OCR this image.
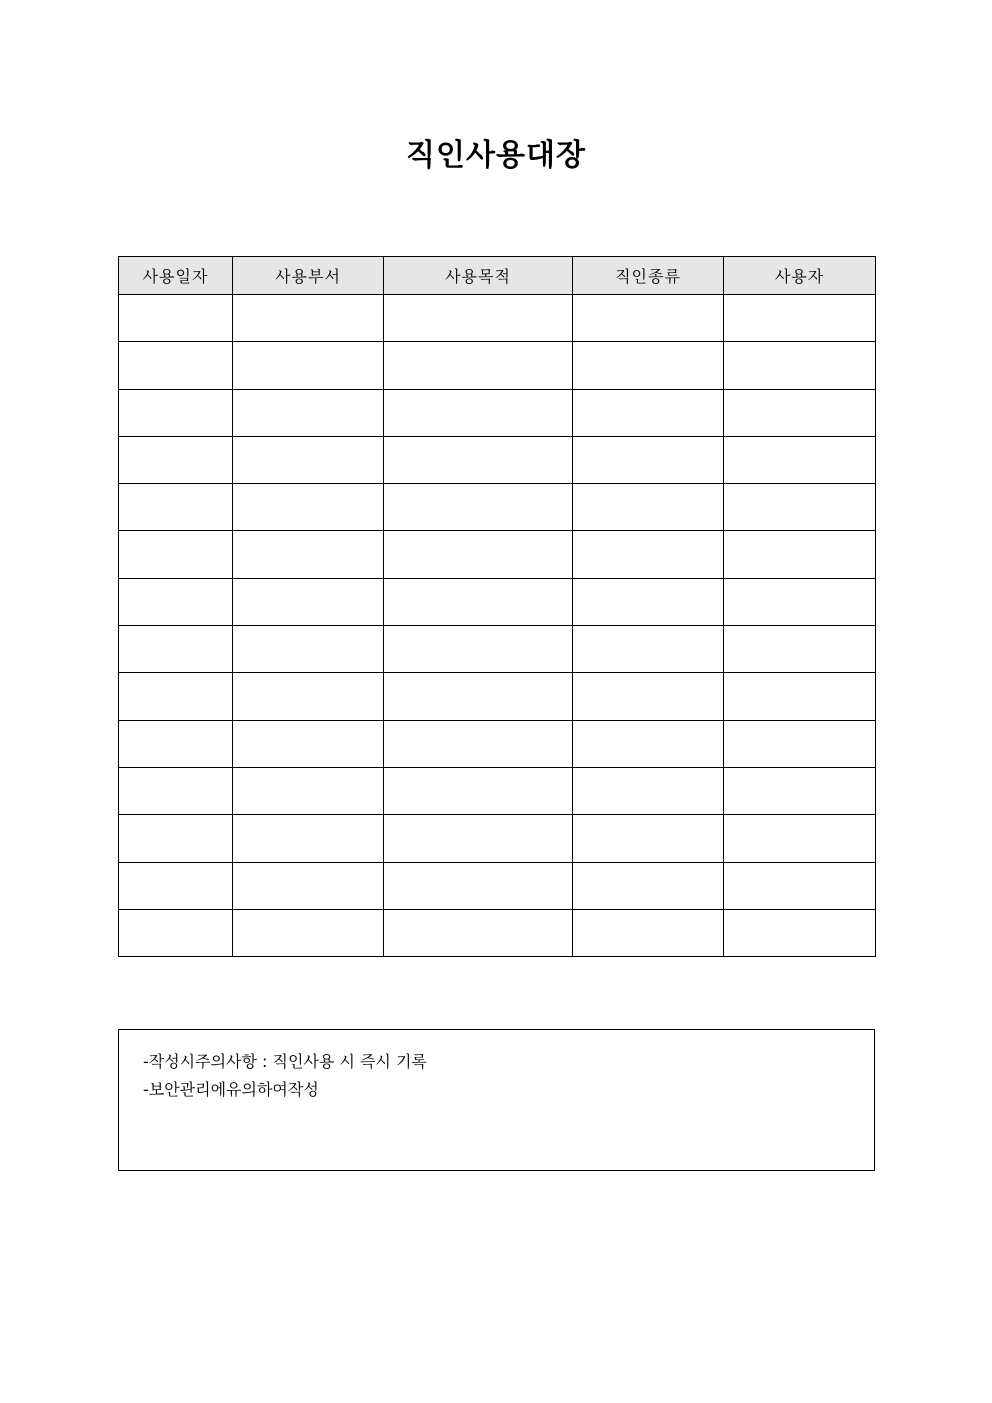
직인사용대장
사용일자	사용부서	사용목적	직인종류	사용자

-작성시주의사항 : 직인사용 시 즉시 기록
-보안관리에유의하여작성
